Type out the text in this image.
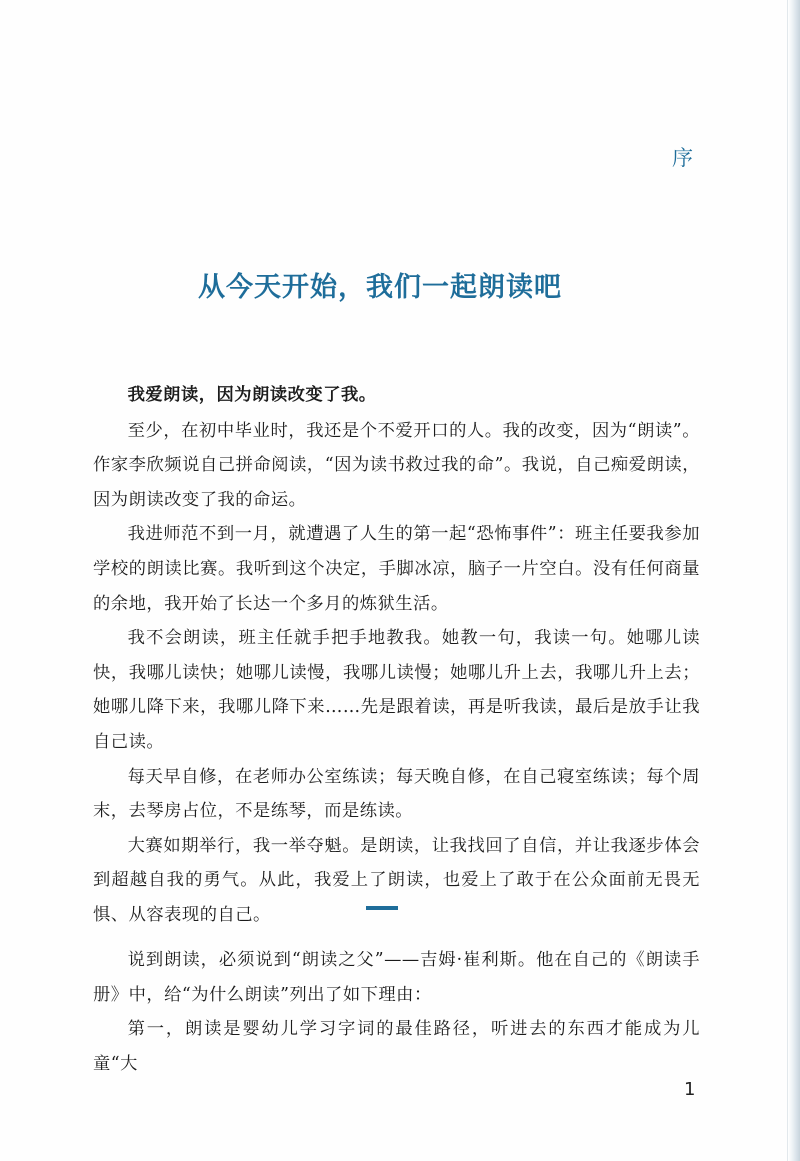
序
从今天开始，我们一起朗读吧

我爱朗读，因为朗读改变了我。

至少，在初中毕业时，我还是个不爱开口的人。我的改变，因为“朗读”。作家李欣频说自己拼命阅读，“因为读书救过我的命”。我说，自己痴爱朗读，因为朗读改变了我的命运。

我进师范不到一月，就遭遇了人生的第一起“恐怖事件”：班主任要我参加学校的朗读比赛。我听到这个决定，手脚冰凉，脑子一片空白。没有任何商量的余地，我开始了长达一个多月的炼狱生活。

我不会朗读，班主任就手把手地教我。她教一句，我读一句。她哪儿读快，我哪儿读快；她哪儿读慢，我哪儿读慢；她哪儿升上去，我哪儿升上去；她哪儿降下来，我哪儿降下来……先是跟着读，再是听我读，最后是放手让我自己读。

每天早自修，在老师办公室练读；每天晚自修，在自己寝室练读；每个周末，去琴房占位，不是练琴，而是练读。

大赛如期举行，我一举夺魁。是朗读，让我找回了自信，并让我逐步体会到超越自我的勇气。从此，我爱上了朗读，也爱上了敢于在公众面前无畏无惧、从容表现的自己。

说到朗读，必须说到“朗读之父”——吉姆·崔利斯。他在自己的《朗读手册》中，给“为什么朗读”列出了如下理由：

第一，朗读是婴幼儿学习字词的最佳路径，听进去的东西才能成为儿童“大

1
